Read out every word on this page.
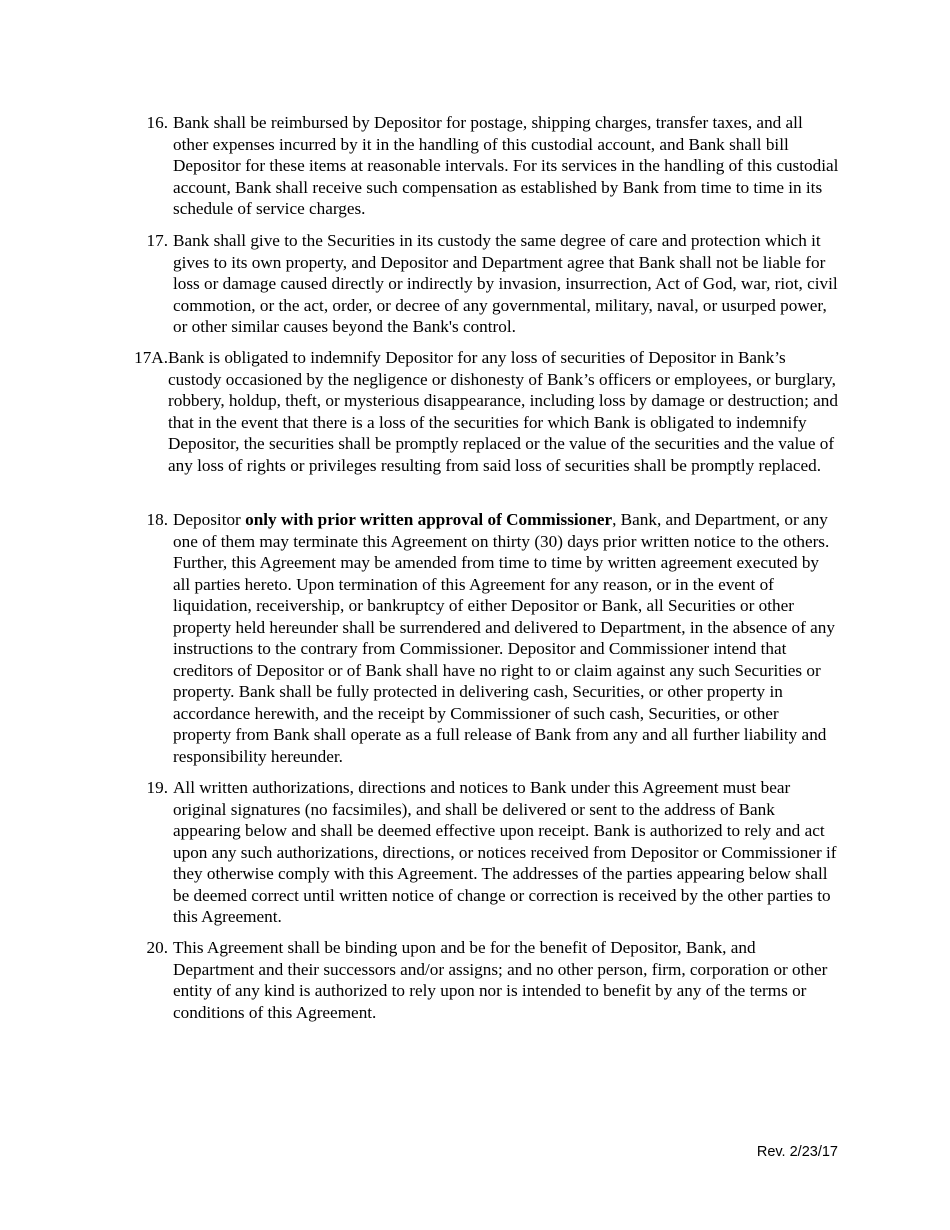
16. Bank shall be reimbursed by Depositor for postage, shipping charges, transfer taxes, and all other expenses incurred by it in the handling of this custodial account, and Bank shall bill Depositor for these items at reasonable intervals. For its services in the handling of this custodial account, Bank shall receive such compensation as established by Bank from time to time in its schedule of service charges.

17. Bank shall give to the Securities in its custody the same degree of care and protection which it gives to its own property, and Depositor and Department agree that Bank shall not be liable for loss or damage caused directly or indirectly by invasion, insurrection, Act of God, war, riot, civil commotion, or the act, order, or decree of any governmental, military, naval, or usurped power, or other similar causes beyond the Bank's control.

17A. Bank is obligated to indemnify Depositor for any loss of securities of Depositor in Bank’s custody occasioned by the negligence or dishonesty of Bank’s officers or employees, or burglary, robbery, holdup, theft, or mysterious disappearance, including loss by damage or destruction; and that in the event that there is a loss of the securities for which Bank is obligated to indemnify Depositor, the securities shall be promptly replaced or the value of the securities and the value of any loss of rights or privileges resulting from said loss of securities shall be promptly replaced.

18. Depositor only with prior written approval of Commissioner, Bank, and Department, or any one of them may terminate this Agreement on thirty (30) days prior written notice to the others. Further, this Agreement may be amended from time to time by written agreement executed by all parties hereto. Upon termination of this Agreement for any reason, or in the event of liquidation, receivership, or bankruptcy of either Depositor or Bank, all Securities or other property held hereunder shall be surrendered and delivered to Department, in the absence of any instructions to the contrary from Commissioner. Depositor and Commissioner intend that creditors of Depositor or of Bank shall have no right to or claim against any such Securities or property. Bank shall be fully protected in delivering cash, Securities, or other property in accordance herewith, and the receipt by Commissioner of such cash, Securities, or other property from Bank shall operate as a full release of Bank from any and all further liability and responsibility hereunder.

19. All written authorizations, directions and notices to Bank under this Agreement must bear original signatures (no facsimiles), and shall be delivered or sent to the address of Bank appearing below and shall be deemed effective upon receipt. Bank is authorized to rely and act upon any such authorizations, directions, or notices received from Depositor or Commissioner if they otherwise comply with this Agreement. The addresses of the parties appearing below shall be deemed correct until written notice of change or correction is received by the other parties to this Agreement.

20. This Agreement shall be binding upon and be for the benefit of Depositor, Bank, and Department and their successors and/or assigns; and no other person, firm, corporation or other entity of any kind is authorized to rely upon nor is intended to benefit by any of the terms or conditions of this Agreement.

Rev. 2/23/17
